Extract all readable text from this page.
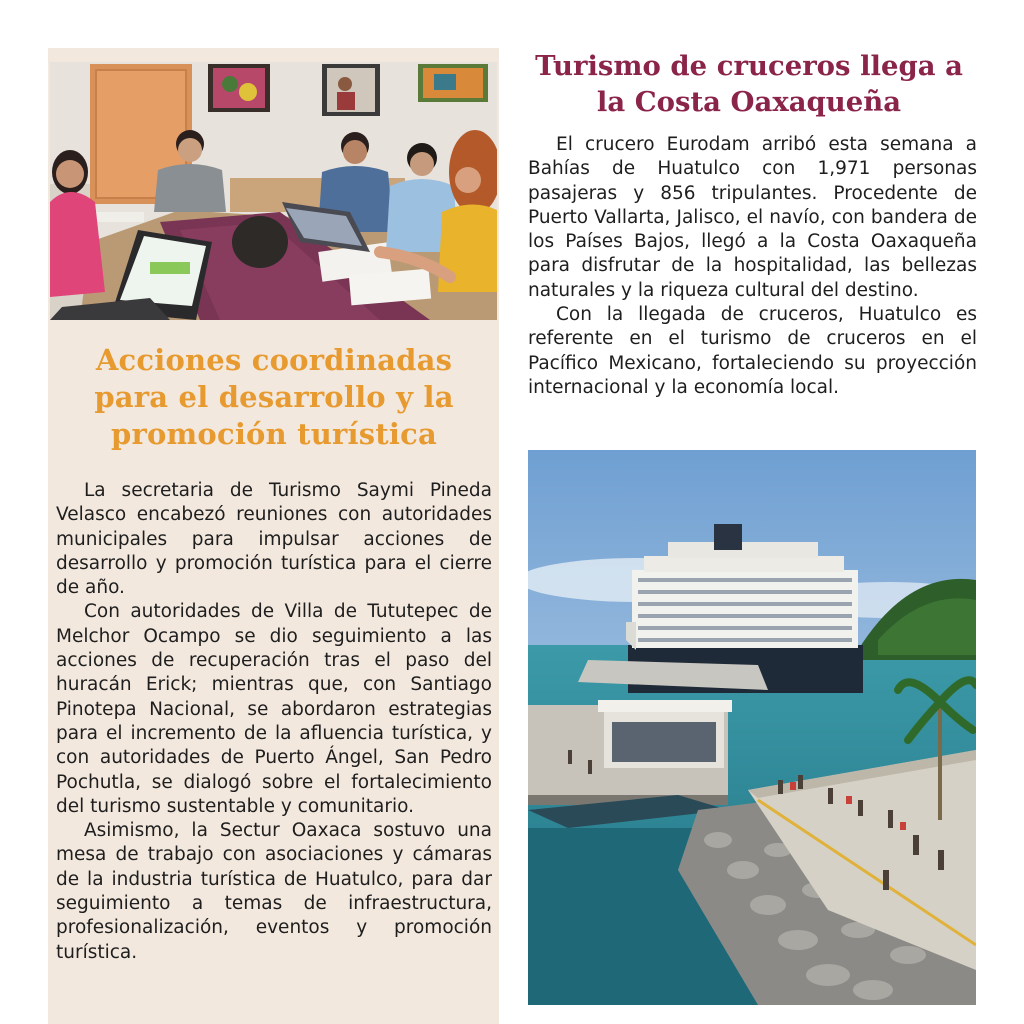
Acciones coordinadas para el desarrollo y la promoción turística

La secretaria de Turismo Saymi Pineda Velasco encabezó reuniones con autoridades municipales para impulsar acciones de desarrollo y promoción turística para el cierre de año.

Con autoridades de Villa de Tututepec de Melchor Ocampo se dio seguimiento a las acciones de recuperación tras el paso del huracán Erick; mientras que, con Santiago Pinotepa Nacional, se abordaron estrategias para el incremento de la afluencia turística, y con autoridades de Puerto Ángel, San Pedro Pochutla, se dialogó sobre el fortalecimiento del turismo sustentable y comunitario.

Asimismo, la Sectur Oaxaca sostuvo una mesa de trabajo con asociaciones y cámaras de la industria turística de Huatulco, para dar seguimiento a temas de infraestructura, profesionalización, eventos y promoción turística.

Turismo de cruceros llega a la Costa Oaxaqueña

El crucero Eurodam arribó esta semana a Bahías de Huatulco con 1,971 personas pasajeras y 856 tripulantes. Procedente de Puerto Vallarta, Jalisco, el navío, con bandera de los Países Bajos, llegó a la Costa Oaxaqueña para disfrutar de la hospitalidad, las bellezas naturales y la riqueza cultural del destino.

Con la llegada de cruceros, Huatulco es referente en el turismo de cruceros en el Pacífico Mexicano, fortaleciendo su proyección internacional y la economía local.
